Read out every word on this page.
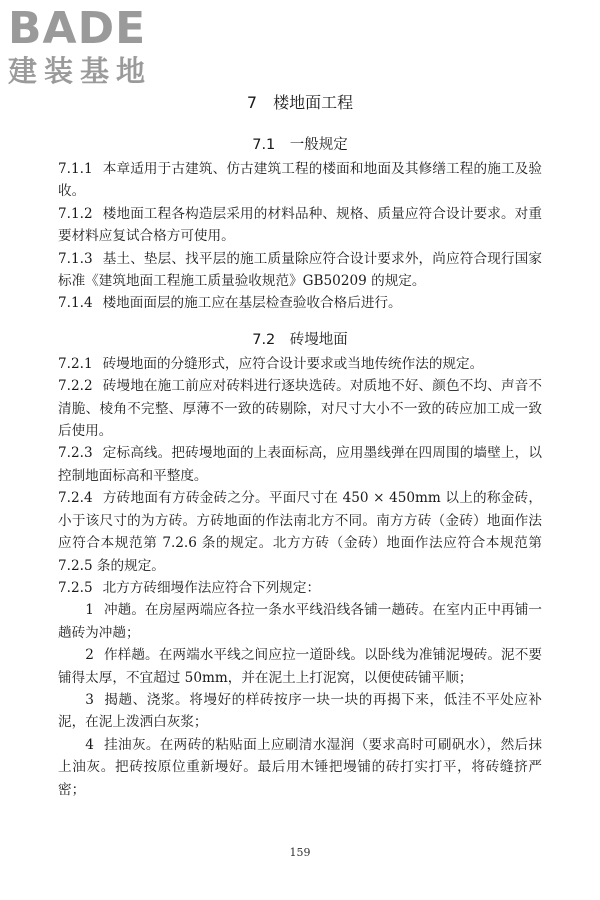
BADE
建装基地
7　楼地面工程
7.1　一般规定

7.1.1 本章适用于古建筑、仿古建筑工程的楼面和地面及其修缮工程的施工及验收。

7.1.2 楼地面工程各构造层采用的材料品种、规格、质量应符合设计要求。对重要材料应复试合格方可使用。

7.1.3 基土、垫层、找平层的施工质量除应符合设计要求外，尚应符合现行国家标准《建筑地面工程施工质量验收规范》GB50209 的规定。

7.1.4 楼地面面层的施工应在基层检查验收合格后进行。

7.2　砖墁地面

7.2.1 砖墁地面的分缝形式，应符合设计要求或当地传统作法的规定。

7.2.2 砖墁地在施工前应对砖料进行逐块选砖。对质地不好、颜色不均、声音不清脆、棱角不完整、厚薄不一致的砖剔除，对尺寸大小不一致的砖应加工成一致后使用。

7.2.3 定标高线。把砖墁地面的上表面标高，应用墨线弹在四周围的墙壁上，以控制地面标高和平整度。

7.2.4 方砖地面有方砖金砖之分。平面尺寸在 450 × 450mm 以上的称金砖，小于该尺寸的为方砖。方砖地面的作法南北方不同。南方方砖（金砖）地面作法应符合本规范第 7.2.6 条的规定。北方方砖（金砖）地面作法应符合本规范第 7.2.5 条的规定。

7.2.5 北方方砖细墁作法应符合下列规定：

1 冲趟。在房屋两端应各拉一条水平线沿线各铺一趟砖。在室内正中再铺一趟砖为冲趟；

2 作样趟。在两端水平线之间应拉一道卧线。以卧线为准铺泥墁砖。泥不要铺得太厚，不宜超过 50mm，并在泥土上打泥窝，以便使砖铺平顺；

3 揭趟、浇浆。将墁好的样砖按序一块一块的再揭下来，低洼不平处应补泥，在泥上泼洒白灰浆；

4 挂油灰。在两砖的粘贴面上应刷清水湿润（要求高时可刷矾水），然后抹上油灰。把砖按原位重新墁好。最后用木锤把墁铺的砖打实打平，将砖缝挤严密；

159
